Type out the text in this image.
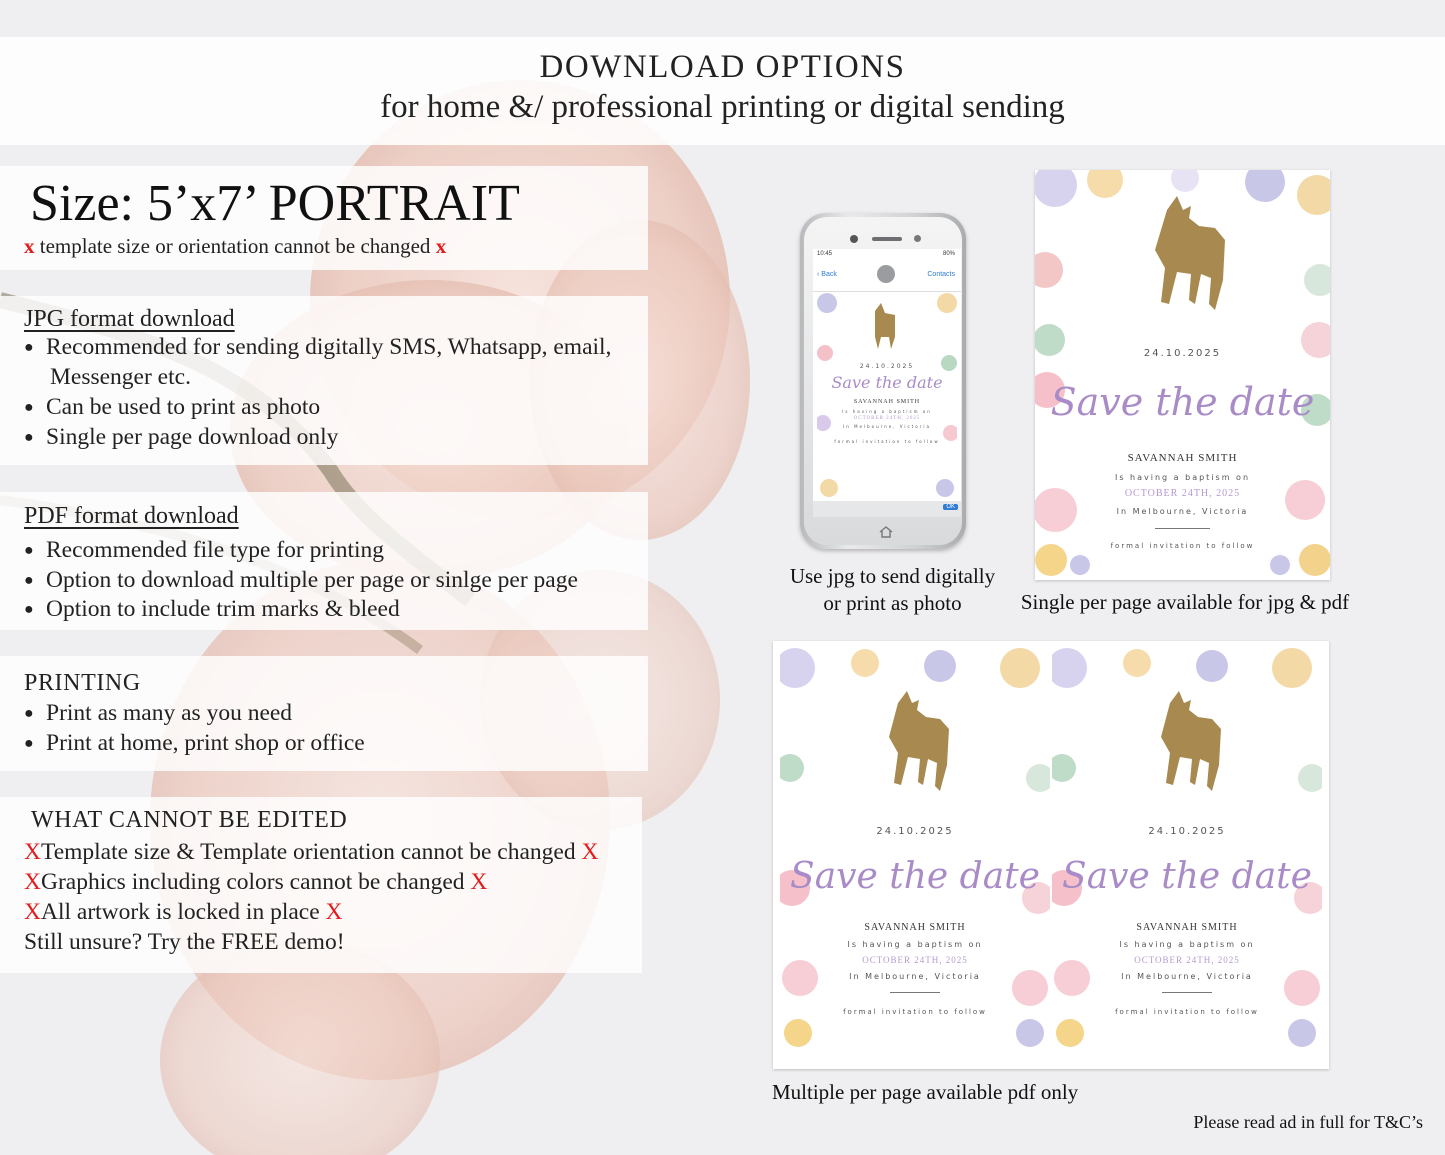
DOWNLOAD OPTIONS
for home &/ professional printing or digital sending
Size: 5’x7’ PORTRAIT
x template size or orientation cannot be changed x
JPG format download
● Recommended for sending digitally SMS, Whatsapp, email,
Messenger etc.
● Can be used to print as photo
● Single per page download only
PDF format download
● Recommended file type for printing
● Option to download multiple per page or sinlge per page
● Option to include trim marks & bleed
PRINTING
● Print as many as you need
● Print at home, print shop or office
WHAT CANNOT BE EDITED
XTemplate size & Template orientation cannot be changed X
XGraphics including colors cannot be changed X
XAll artwork is locked in place X
Still unsure? Try the FREE demo!
10:45	80%
‹ Back	Contacts
24.10.2025
Save the date
SAVANNAH SMITH
Is having a baptism on
OCTOBER 24TH, 2025
In Melbourne, Victoria
formal invitation to follow
OK
Use jpg to send digitally
or print as photo
24.10.2025
Save the date
SAVANNAH SMITH
Is having a baptism on
OCTOBER 24TH, 2025
In Melbourne, Victoria
formal invitation to follow
Single per page available for jpg & pdf
24.10.2025
Save the date
SAVANNAH SMITH
Is having a baptism on
OCTOBER 24TH, 2025
In Melbourne, Victoria
formal invitation to follow
24.10.2025
Save the date
SAVANNAH SMITH
Is having a baptism on
OCTOBER 24TH, 2025
In Melbourne, Victoria
formal invitation to follow
Multiple per page available pdf only
Please read ad in full for T&C’s
